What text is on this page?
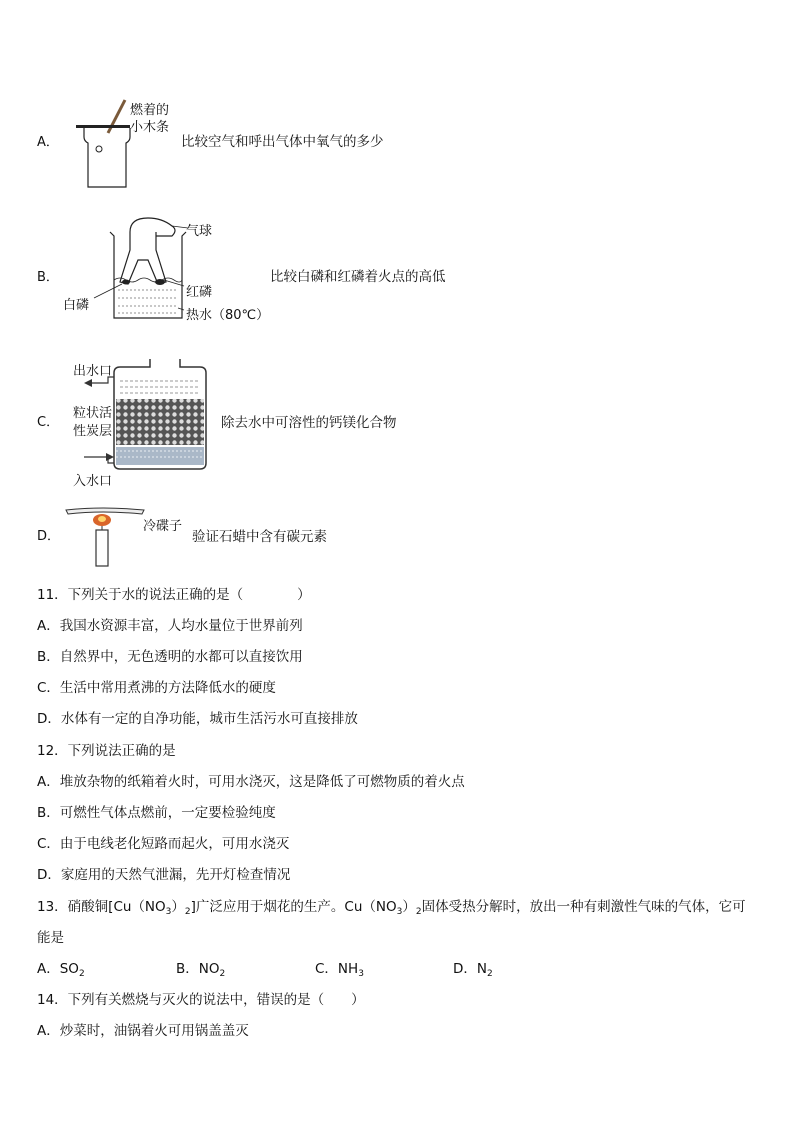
A．
燃着的
小木条
比较空气和呼出气体中氧气的多少
B．
气球
红磷
白磷
热水（80℃）
比较白磷和红磷着火点的高低
C．
出水口
粒状活
性炭层
入水口
除去水中可溶性的钙镁化合物
D．
冷碟子
验证石蜡中含有碳元素
11．下列关于水的说法正确的是（　　　　）
A．我国水资源丰富，人均水量位于世界前列
B．自然界中，无色透明的水都可以直接饮用
C．生活中常用煮沸的方法降低水的硬度
D．水体有一定的自净功能，城市生活污水可直接排放
12．下列说法正确的是
A．堆放杂物的纸箱着火时，可用水浇灭，这是降低了可燃物质的着火点
B．可燃性气体点燃前，一定要检验纯度
C．由于电线老化短路而起火，可用水浇灭
D．家庭用的天然气泄漏，先开灯检查情况
13．硝酸铜$[Cu(NO_3)_2]$广泛应用于烟花的生产。$Cu(NO_3)_2$固体受热分解时，放出一种有刺激性气味的气体，它可
能是
A．$SO_2$	B．$NO_2$	C．$NH_3$	D．$N_2$
14．下列有关燃烧与灭火的说法中，错误的是（　　）
A．炒菜时，油锅着火可用锅盖盖灭
